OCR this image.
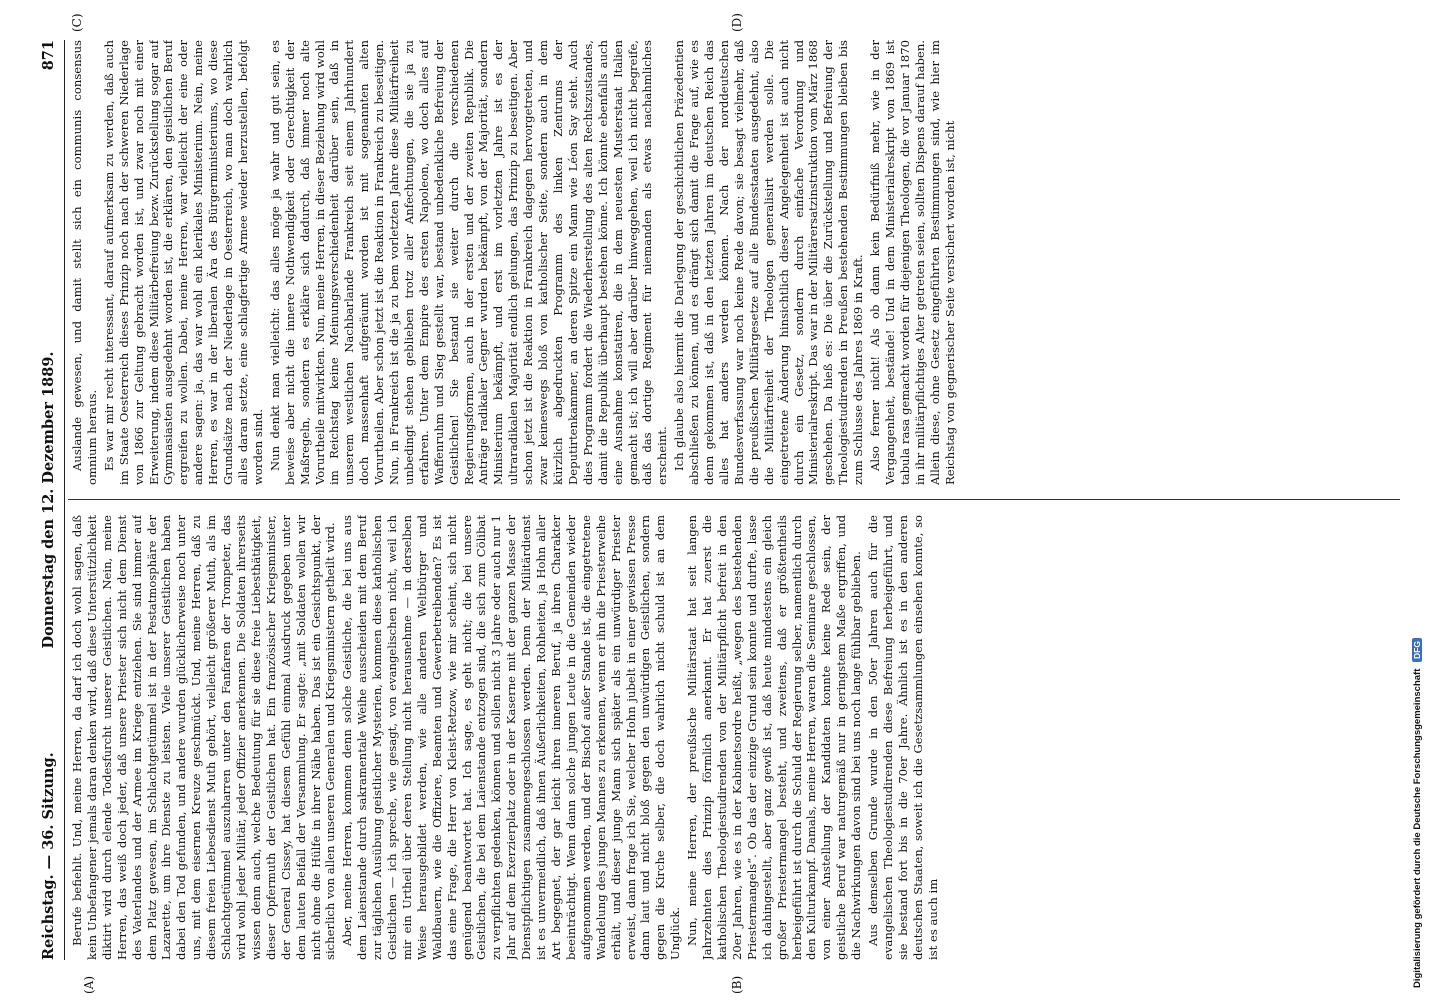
Reichstag. — 36. Sitzung.
Donnerstag den 12. Dezember 1889.
871

Berufe befiehlt. Und, meine Herren, da darf ich doch wohl sagen, daß kein Unbefangener jemals daran denken wird, daß diese Unterstützlichkeit diktirt wird durch elende Todesfurcht unserer Geistlichen. Nein, meine Herren, das weiß doch jeder, daß unsere Priester sich nicht dem Dienst des Vaterlandes und der Armee im Kriege entziehen. Sie sind immer auf dem Platz gewesen, im Schlachtgetümmel ist in der Pestatmosphäre der Lazarette, um ihre Dienste zu leisten. Viele unserer Geistlichen haben dabei den Tod gefunden, und andere wurden glücklicherweise noch unter uns, mit dem eisernen Kreuze geschmückt. Und, meine Herren, daß zu diesem freien Liebesdienst Muth gehört, vielleicht größerer Muth, als im Schlachtgetümmel auszuharren unter den Fanfaren der Trompeter, das wird wohl jeder Militär, jeder Offizier anerkennen. Die Soldaten ihrerseits wissen denn auch, welche Bedeutung für sie diese freie Liebesthätigkeit, dieser Opfermuth der Geistlichen hat. Ein französischer Kriegsminister, der General Cissey, hat diesem Gefühl einmal Ausdruck gegeben unter dem lauten Beifall der Versammlung. Er sagte: „mit Soldaten wollen wir nicht ohne die Hülfe in ihrer Nähe haben. Das ist ein Gesichtspunkt, der sicherlich von allen unseren Generalen und Kriegsministern getheilt wird. Aber, meine Herren, kommen denn solche Geistliche, die bei uns aus dem Laienstande durch sakramentale Weihe ausscheiden mit dem Beruf zur täglichen Ausübung geistlicher Mysterien, kommen diese katholischen Geistlichen — ich spreche, wie gesagt, von evangelischen nicht, weil ich mir ein Urtheil über deren Stellung nicht herausnehme — in derselben Weise herausgebildet werden, wie alle anderen Weltbürger und Waldbauern, wie die Offiziere, Beamten und Gewerbetreibenden? Es ist das eine Frage, die Herr von Kleist-Retzow, wie mir scheint, sich nicht genügend beantwortet hat. Ich sage, es geht nicht; die bei unsere Geistlichen, die bei dem Laienstande entzogen sind, die sich zum Cölibat zu verpflichten gedenken, können und sollen nicht 3 Jahre oder auch nur 1 Jahr auf dem Exerzierplatz oder in der Kaserne mit der ganzen Masse der Dienstpflichtigen zusammengeschlossen werden. Denn der Militärdienst ist es unvermeidlich, daß ihnen Äußerlichkeiten, Rohheiten, ja Hohn aller Art begegnet, der gar leicht ihren inneren Beruf, ja ihren Charakter beeinträchtigt. Wenn dann solche jungen Leute in die Gemeinden wieder aufgenommen werden, und der Bischof außer Stande ist, die eingetretene Wandelung des jungen Mannes zu erkennen, wenn er ihn die Priesterweihe erhält, und dieser junge Mann sich später als ein unwürdiger Priester erweist, dann frage ich Sie, welcher Hohn jubelt in einer gewissen Presse dann laut und nicht bloß gegen den unwürdigen Geistlichen, sondern gegen die Kirche selber, die doch wahrlich nicht schuld ist an dem Unglück. Nun, meine Herren, der preußische Militärstaat hat seit langen Jahrzehnten dies Prinzip förmlich anerkannt. Er hat zuerst die katholischen Theologiestudirenden von der Militärpflicht befreit in den 20er Jahren, wie es in der Kabinetsordre heißt, „wegen des bestehenden Priestermangels“. Ob das der einzige Grund sein konnte und durfte, lasse ich dahingestellt, aber ganz gewiß ist, daß heute mindestens ein gleich großer Priestermangel besteht, und zweitens, daß er größtentheils herbeigeführt ist durch die Schuld der Regierung selber, namentlich durch den Kulturkampf. Damals, meine Herren, waren die Seminare geschlossen, von einer Anstellung der Kandidaten konnte keine Rede sein, der geistliche Beruf war naturgemäß nur in geringstem Maße ergriffen, und die Nachwirkungen davon sind bei uns noch lange fühlbar geblieben. Aus demselben Grunde wurde in den 50er Jahren auch für die evangelischen Theologiestudirenden diese Befreiung herbeigeführt, und sie bestand fort bis in die 70er Jahre. Ähnlich ist es in den anderen deutschen Staaten, soweit ich die Gesetzsammlungen einsehen konnte, so ist es auch im

Auslande gewesen, und damit stellt sich ein communis consensus omnium heraus. Es war mir recht interessant, darauf aufmerksam zu werden, daß auch im Staate Oesterreich dieses Prinzip noch nach der schweren Niederlage von 1866 zur Geltung gebracht worden ist, und zwar noch mit einer Erweiterung, indem diese Militärbefreiung bezw. Zurückstellung sogar auf Gymnasiasten ausgedehnt worden ist, die erklären, den geistlichen Beruf ergreifen zu wollen. Dabei, meine Herren, war vielleicht der eine oder andere sagen: ja, das war wohl ein klerikales Ministerium. Nein, meine Herren, es war in der liberalen Ära des Bürgerministeriums, wo diese Grundsätze nach der Niederlage in Oesterreich, wo man doch wahrlich alles daran setzte, eine schlagfertige Armee wieder herzustellen, befolgt worden sind. Nun denkt man vielleicht: das alles möge ja wahr und gut sein, es beweise aber nicht die innere Nothwendigkeit oder Gerechtigkeit der Maßregeln, sondern es erkläre sich dadurch, daß immer noch alte Vorurtheile mitwirkten. Nun, meine Herren, in dieser Beziehung wird wohl im Reichstag keine Meinungsverschiedenheit darüber sein, daß in unserem westlichen Nachbarlande Frankreich seit einem Jahrhundert doch massenhaft aufgeräumt worden ist mit sogenannten alten Vorurtheilen. Aber schon jetzt ist die Reaktion in Frankreich zu beseitigen. Nun, in Frankreich ist die ja zu bem vorletzten Jahre diese Militärfreiheit unbedingt stehen geblieben trotz aller Anfechtungen, die sie ja zu erfahren. Unter dem Empire des ersten Napoleon, wo doch alles auf Waffenruhm und Sieg gestellt war, bestand unbedenkliche Befreiung der Geistlichen! Sie bestand sie weiter durch die verschiedenen Regierungsformen, auch in der ersten und der zweiten Republik. Die Anträge radikaler Gegner wurden bekämpft, von der Majorität, sondern Ministerium bekämpft, und erst im vorletzten Jahre ist es der ultraradikalen Majorität endlich gelungen, das Prinzip zu beseitigen. Aber schon jetzt ist die Reaktion in Frankreich dagegen hervorgetreten, und zwar keineswegs bloß von katholischer Seite, sondern auch in dem kürzlich abgedruckten Programm des linken Zentrums der Deputirtenkammer, an deren Spitze ein Mann wie Léon Say steht. Auch dies Programm fordert die Wiederherstellung des alten Rechtszustandes, damit die Republik überhaupt bestehen könne. Ich könnte ebenfalls auch eine Ausnahme konstatiren, die in dem neuesten Musterstaat Italien gemacht ist; ich will aber darüber hinweggehen, weil ich nicht begreife, daß das dortige Regiment für niemanden als etwas nachahmliches erscheint. Ich glaube also hiermit die Darlegung der geschichtlichen Präzedentien abschließen zu können, und es drängt sich damit die Frage auf, wie es denn gekommen ist, daß in den letzten Jahren im deutschen Reich das alles hat anders werden können. Nach der norddeutschen Bundesverfassung war noch keine Rede davon; sie besagt vielmehr, daß die preußischen Militärgesetze auf alle Bundesstaaten ausgedehnt, also die Militärfreiheit der Theologen generalisirt werden solle. Die eingetretene Änderung hinsichtlich dieser Angelegenheit ist auch nicht durch ein Gesetz, sondern durch einfache Verordnung und Ministerialreskript. Das war in der Militärersatzinstruktion vom März 1868 geschehen. Da hieß es: Die über die Zurückstellung und Befreiung der Theologiestudirenden in Preußen bestehenden Bestimmungen bleiben bis zum Schlusse des Jahres 1869 in Kraft. Also ferner nicht! Als ob dann kein Bedürfniß mehr, wie in der Vergangenheit, bestände! Und in dem Ministerialreskript von 1869 ist tabula rasa gemacht worden für diejenigen Theologen, die vor Januar 1870 in ihr militärpflichtiges Alter getreten seien, sollten Dispens darauf haben. Allein diese, ohne Gesetz eingeführten Bestimmungen sind, wie hier im Reichstag von gegnerischer Seite versichert worden ist, nicht

(A)	(B)
(C)	(D)
Digitalisierung gefördert durch die Deutsche Forschungsgemeinschaft DFG
